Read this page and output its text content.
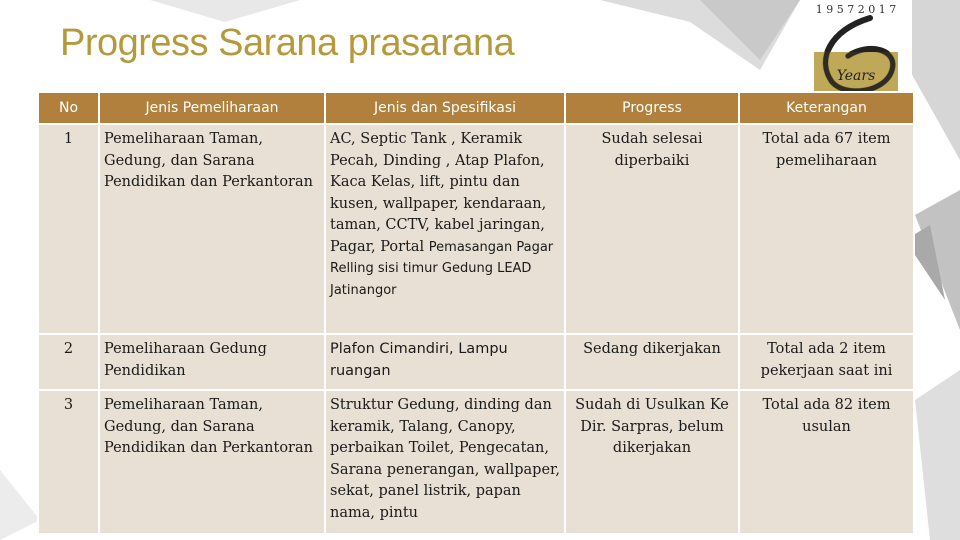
Progress Sarana prasarana
1 9 5 7 2 0 1 7
Years
No	Jenis Pemeliharaan	Jenis dan Spesifikasi	Progress	Keterangan
1	Pemeliharaan Taman, Gedung, dan Sarana Pendidikan dan Perkantoran	AC, Septic Tank , Keramik Pecah, Dinding , Atap Plafon, Kaca Kelas, lift, pintu dan kusen, wallpaper, kendaraan, taman, CCTV, kabel jaringan, Pagar, Portal Pemasangan Pagar Relling sisi timur Gedung LEAD Jatinangor	Sudah selesai diperbaiki	Total ada 67 item pemeliharaan
2	Pemeliharaan Gedung Pendidikan	Plafon Cimandiri, Lampu ruangan	Sedang dikerjakan	Total ada 2 item pekerjaan saat ini
3	Pemeliharaan Taman, Gedung, dan Sarana Pendidikan dan Perkantoran	Struktur Gedung, dinding dan keramik, Talang, Canopy, perbaikan Toilet, Pengecatan, Sarana penerangan, wallpaper, sekat, panel listrik, papan nama, pintu	Sudah di Usulkan Ke Dir. Sarpras, belum dikerjakan	Total ada 82 item usulan
